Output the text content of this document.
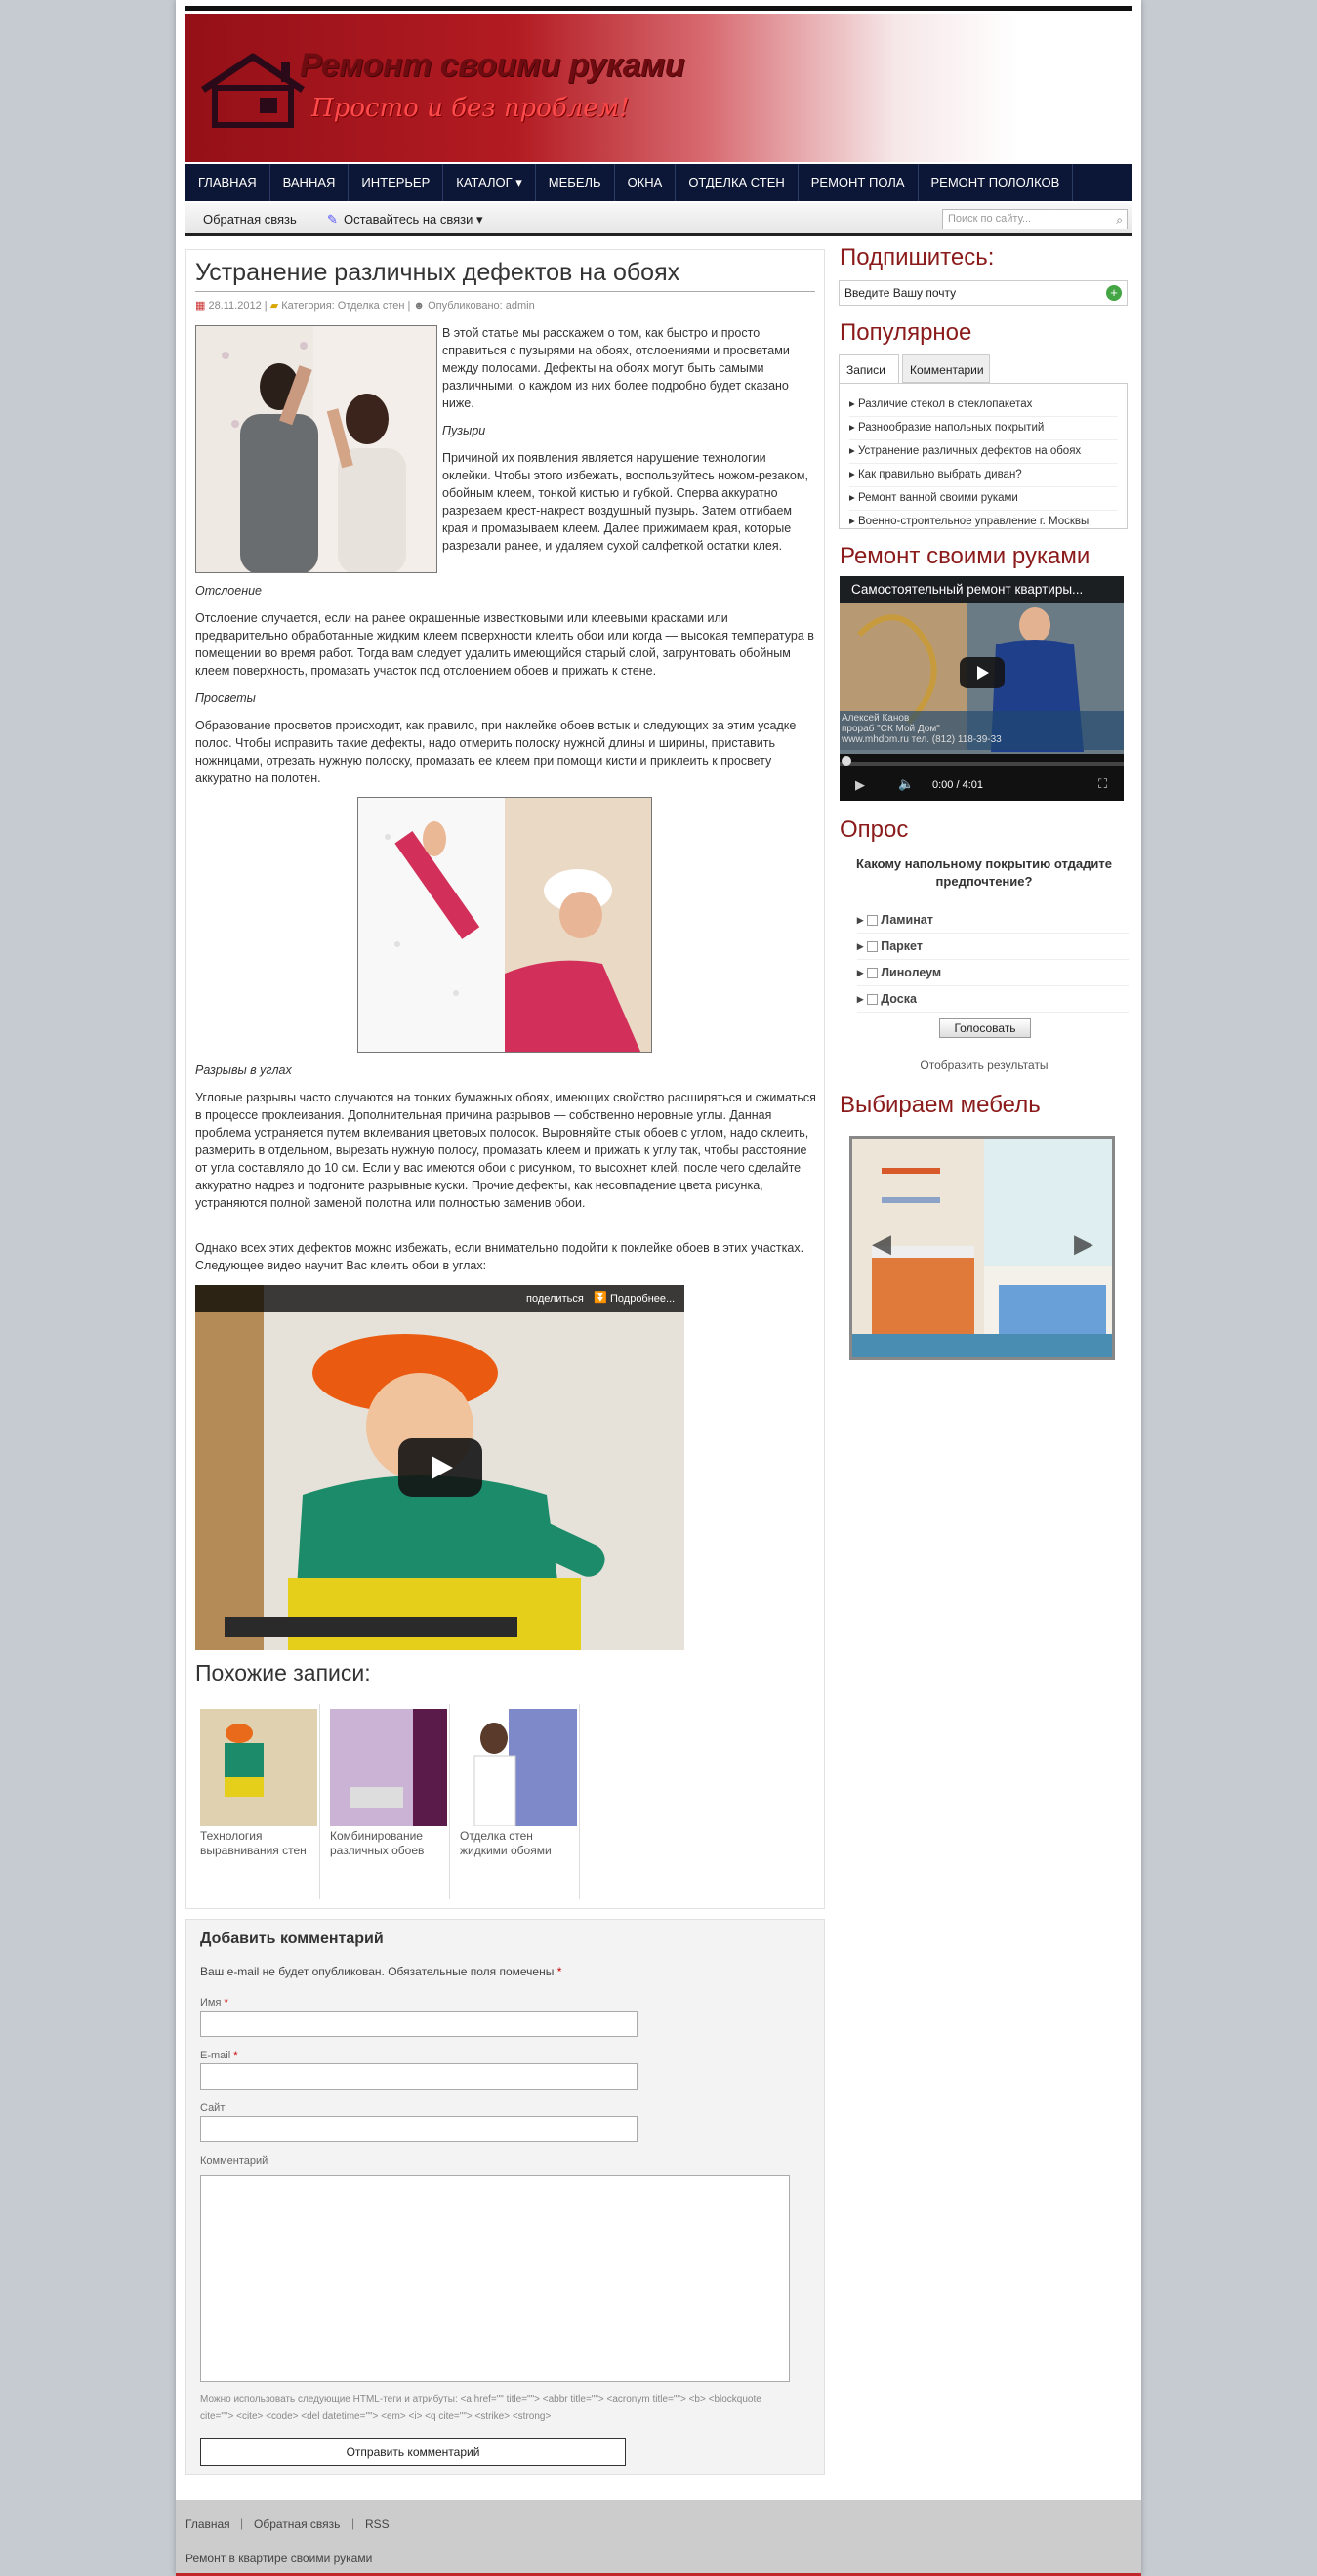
Ремонт своими руками
Просто и без проблем!
ГЛАВНАЯ	ВАННАЯ	ИНТЕРЬЕР	КАТАЛОГ ▾	МЕБЕЛЬ	ОКНА	ОТДЕЛКА СТЕН	РЕМОНТ ПОЛА	РЕМОНТ ПОЛОЛКОВ
Обратная связь ✎ Оставайтесь на связи ▾	Поиск по сайту...	⌕
Устранение различных дефектов на обоях
▦ 28.11.2012 | ▰ Категория: Отделка стен | ☻ Опубликовано: admin
В этой статье мы расскажем о том, как быстро и просто справиться с пузырями на обоях, отслоениями и просветами между полосами. Дефекты на обоях могут быть самыми различными, о каждом из них более подробно будет сказано ниже.
Пузыри
Причиной их появления является нарушение технологии оклейки. Чтобы этого избежать, воспользуйтесь ножом-резаком, обойным клеем, тонкой кистью и губкой. Сперва аккуратно разрезаем крест-накрест воздушный пузырь. Затем отгибаем края и промазываем клеем. Далее прижимаем края, которые разрезали ранее, и удаляем сухой салфеткой остатки клея.
Отслоение
Отслоение случается, если на ранее окрашенные известковыми или клеевыми красками или предварительно обработанные жидким клеем поверхности клеить обои или когда — высокая температура в помещении во время работ. Тогда вам следует удалить имеющийся старый слой, загрунтовать обойным клеем поверхность, промазать участок под отслоением обоев и прижать к стене.
Просветы
Образование просветов происходит, как правило, при наклейке обоев встык и следующих за этим усадке полос. Чтобы исправить такие дефекты, надо отмерить полоску нужной длины и ширины, приставить ножницами, отрезать нужную полоску, промазать ее клеем при помощи кисти и приклеить к просвету аккуратно на полотен.
Разрывы в углах
Угловые разрывы часто случаются на тонких бумажных обоях, имеющих свойство расширяться и сжиматься в процессе проклеивания. Дополнительная причина разрывов — собственно неровные углы. Данная проблема устраняется путем вклеивания цветовых полосок. Выровняйте стык обоев с углом, надо склеить, размерить в отдельном, вырезать нужную полосу, промазать клеем и прижать к углу так, чтобы расстояние от угла составляло до 10 см. Если у вас имеются обои с рисунком, то высохнет клей, после чего сделайте аккуратно надрез и подгоните разрывные куски. Прочие дефекты, как несовпадение цвета рисунка, устраняются полной заменой полотна или полностью заменив обои.
Однако всех этих дефектов можно избежать, если внимательно подойти к поклейке обоев в этих участках. Следующее видео научит Вас клеить обои в углах:
поделиться ⏬ Подробнее...
Похожие записи:
Технология выравнивания стен
Комбинирование различных обоев
Отделка стен жидкими обоями
Добавить комментарий
Ваш e-mail не будет опубликован. Обязательные поля помечены *
Имя *
E-mail *
Сайт
Комментарий
Можно использовать следующие HTML-теги и атрибуты: <a href="" title=""> <abbr title=""> <acronym title=""> <b> <blockquote cite=""> <cite> <code> <del datetime=""> <em> <i> <q cite=""> <strike> <strong>
Отправить комментарий
Подпишитесь:
Введите Вашу почту	+
Популярное
Записи	Комментарии
▸ Различие стекол в стеклопакетах
▸ Разнообразие напольных покрытий
▸ Устранение различных дефектов на обоях
▸ Как правильно выбрать диван?
▸ Ремонт ванной своими руками
▸ Военно-строительное управление г. Москвы
Ремонт своими руками
Самостоятельный ремонт квартиры...
Алексей Канов
прораб "СК Мой Дом"
www.mhdom.ru тел. (812) 118-39-33
▶	🔈 0:00 / 4:01	⛶
Опрос
Какому напольному покрытию отдадите предпочтение?
▸  Ламинат
▸  Паркет
▸  Линолеум
▸  Доска
Голосовать
Отобразить результаты
Выбираем мебель
◀	▶
Главная | Обратная связь | RSS
Ремонт в квартире своими руками
